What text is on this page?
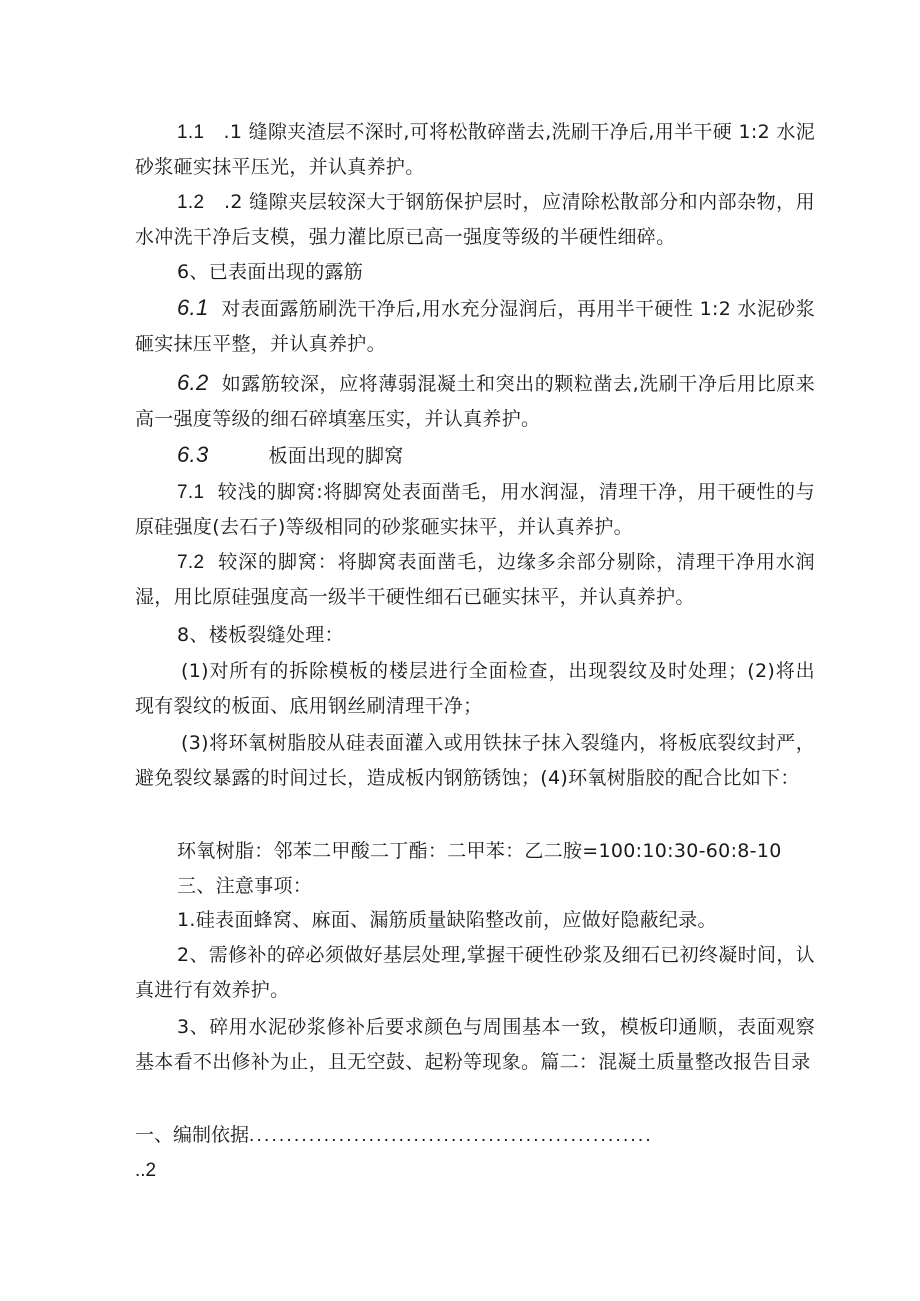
1.1 .1 缝隙夹渣层不深时,可将松散碎凿去,洗刷干净后,用半干硬 1:2 水泥砂浆砸实抹平压光，并认真养护。

1.2 .2 缝隙夹层较深大于钢筋保护层时，应清除松散部分和内部杂物，用水冲洗干净后支模，强力灌比原已高一强度等级的半硬性细碎。

6、已表面出现的露筋

6.1 对表面露筋刷洗干净后,用水充分湿润后，再用半干硬性 1:2 水泥砂浆砸实抹压平整，并认真养护。

6.2 如露筋较深，应将薄弱混凝土和突出的颗粒凿去,洗刷干净后用比原来高一强度等级的细石碎填塞压实，并认真养护。

6.3	板面出现的脚窝

7.1 较浅的脚窝:将脚窝处表面凿毛，用水润湿，清理干净，用干硬性的与原硅强度(去石子)等级相同的砂浆砸实抹平，并认真养护。

7.2 较深的脚窝：将脚窝表面凿毛，边缘多余部分剔除，清理干净用水润湿，用比原硅强度高一级半干硬性细石已砸实抹平，并认真养护。

8、楼板裂缝处理：

(1)对所有的拆除模板的楼层进行全面检查，出现裂纹及时处理；(2)将出现有裂纹的板面、底用钢丝刷清理干净；

(3)将环氧树脂胶从硅表面灌入或用铁抹子抹入裂缝内，将板底裂纹封严，避免裂纹暴露的时间过长，造成板内钢筋锈蚀；(4)环氧树脂胶的配合比如下：

环氧树脂：邻苯二甲酸二丁酯：二甲苯：乙二胺=100:10:30-60:8-10

三、注意事项：

1.硅表面蜂窝、麻面、漏筋质量缺陷整改前，应做好隐蔽纪录。

2、需修补的碎必须做好基层处理,掌握干硬性砂浆及细石已初终凝时间，认真进行有效养护。

3、碎用水泥砂浆修补后要求颜色与周围基本一致，模板印通顺，表面观察基本看不出修补为止，且无空鼓、起粉等现象。篇二：混凝土质量整改报告目录

一、编制依据......................................................
..2
